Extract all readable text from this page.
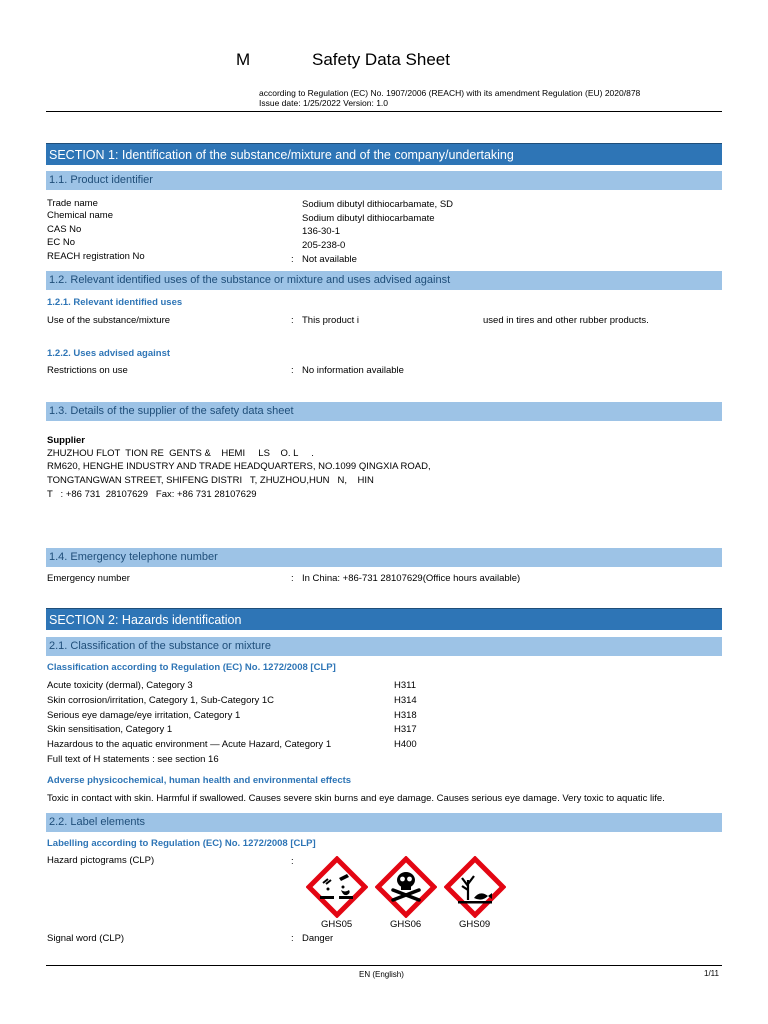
M	Safety Data Sheet
according to Regulation (EC) No. 1907/2006 (REACH) with its amendment Regulation (EU) 2020/878
Issue date: 1/25/2022 Version: 1.0
SECTION 1: Identification of the substance/mixture and of the company/undertaking
1.1. Product identifier
Trade name	Sodium dibutyl dithiocarbamate, SD
Chemical name	Sodium dibutyl dithiocarbamate
CAS No	136-30-1
EC No	205-238-0
REACH registration No	: Not available
1.2. Relevant identified uses of the substance or mixture and uses advised against
1.2.1. Relevant identified uses
Use of the substance/mixture	: This product i	used in tires and other rubber products.
1.2.2. Uses advised against
Restrictions on use	: No information available
1.3. Details of the supplier of the safety data sheet
Supplier
ZHUZHOU FLOT  TION RE  GENTS &    HEMI     LS    O. L     .
RM620, HENGHE INDUSTRY AND TRADE HEADQUARTERS, NO.1099 QINGXIA ROAD,
TONGTANGWAN STREET, SHIFENG DISTRI   T, ZHUZHOU,HUN   N,    HIN
T   : +86 731  28107629   Fax: +86 731 28107629
1.4. Emergency telephone number
Emergency number	: In China: +86-731 28107629(Office hours available)
SECTION 2: Hazards identification
2.1. Classification of the substance or mixture
Classification according to Regulation (EC) No. 1272/2008 [CLP]
Acute toxicity (dermal), Category 3	H311
Skin corrosion/irritation, Category 1, Sub-Category 1C	H314
Serious eye damage/eye irritation, Category 1	H318
Skin sensitisation, Category 1	H317
Hazardous to the aquatic environment — Acute Hazard, Category 1	H400
Full text of H statements : see section 16
Adverse physicochemical, human health and environmental effects
Toxic in contact with skin. Harmful if swallowed. Causes severe skin burns and eye damage. Causes serious eye damage. Very toxic to aquatic life.
2.2. Label elements
Labelling according to Regulation (EC) No. 1272/2008 [CLP]
Hazard pictograms (CLP)	:
GHS05	GHS06	GHS09
Signal word (CLP)	: Danger
EN (English)	1/11
